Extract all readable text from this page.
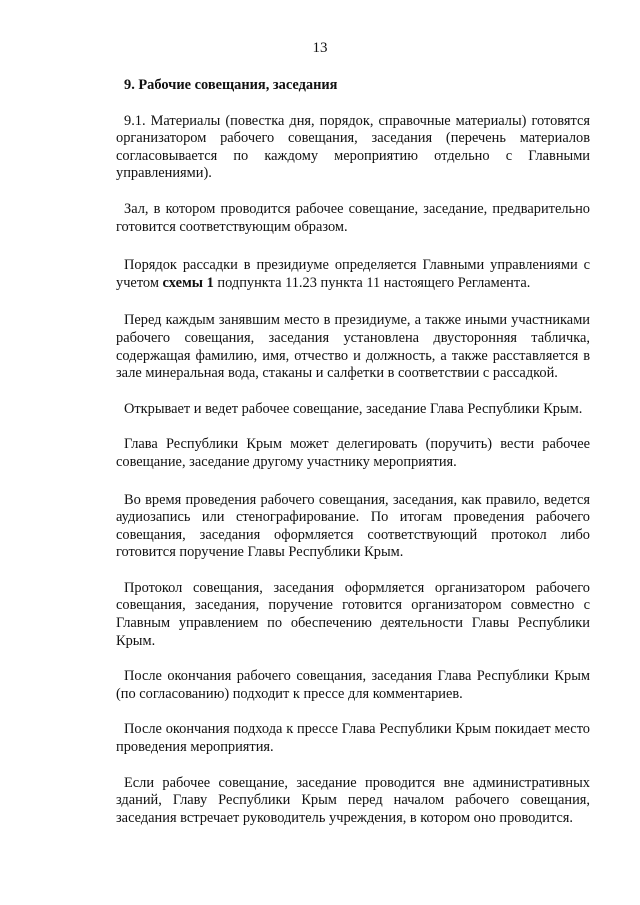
13

9. Рабочие совещания, заседания

9.1. Материалы (повестка дня, порядок, справочные материалы) готовятся организатором рабочего совещания, заседания (перечень материалов согласовывается по каждому мероприятию отдельно с Главными управлениями).

Зал, в котором проводится рабочее совещание, заседание, предварительно готовится соответствующим образом.

Порядок рассадки в президиуме определяется Главными управлениями с учетом схемы 1 подпункта 11.23 пункта 11 настоящего Регламента.

Перед каждым занявшим место в президиуме, а также иными участниками рабочего совещания, заседания установлена двусторонняя табличка, содержащая фамилию, имя, отчество и должность, а также расставляется в зале минеральная вода, стаканы и салфетки в соответствии с рассадкой.

Открывает и ведет рабочее совещание, заседание Глава Республики Крым.

Глава Республики Крым может делегировать (поручить) вести рабочее совещание, заседание другому участнику мероприятия.

Во время проведения рабочего совещания, заседания, как правило, ведется аудиозапись или стенографирование. По итогам проведения рабочего совещания, заседания оформляется соответствующий протокол либо готовится поручение Главы Республики Крым.

Протокол совещания, заседания оформляется организатором рабочего совещания, заседания, поручение готовится организатором совместно с Главным управлением по обеспечению деятельности Главы Республики Крым.

После окончания рабочего совещания, заседания Глава Республики Крым (по согласованию) подходит к прессе для комментариев.

После окончания подхода к прессе Глава Республики Крым покидает место проведения мероприятия.

Если рабочее совещание, заседание проводится вне административных зданий, Главу Республики Крым перед началом рабочего совещания, заседания встречает руководитель учреждения, в котором оно проводится.
